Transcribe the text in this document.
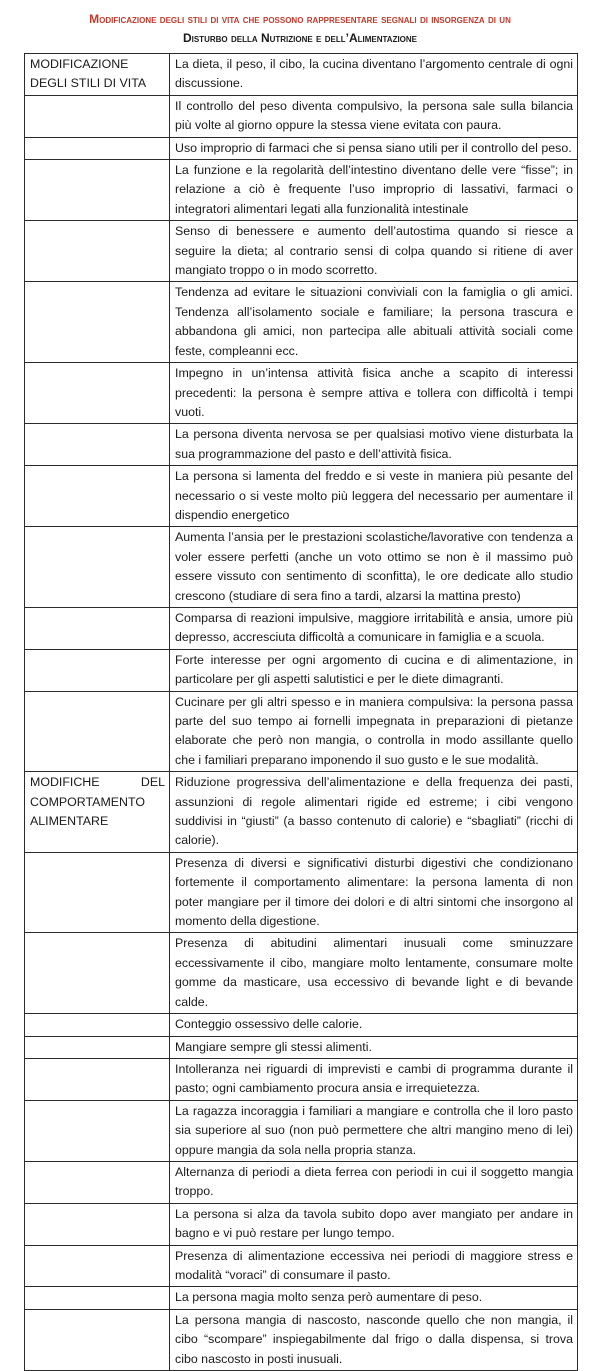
Modificazione degli stili di vita che possono rappresentare segnali di insorgenza di un
Disturbo della Nutrizione e dell’Alimentazione
MODIFICAZIONE DEGLI STILI DI VITA	La dieta, il peso, il cibo, la cucina diventano l’argomento centrale di ogni discussione.
	Il controllo del peso diventa compulsivo, la persona sale sulla bilancia più volte al giorno oppure la stessa viene evitata con paura.
	Uso improprio di farmaci che si pensa siano utili per il controllo del peso.
	La funzione e la regolarità dell’intestino diventano delle vere “fisse”; in relazione a ciò è frequente l’uso improprio di lassativi, farmaci o integratori alimentari legati alla funzionalità intestinale
	Senso di benessere e aumento dell’autostima quando si riesce a seguire la dieta; al contrario sensi di colpa quando si ritiene di aver mangiato troppo o in modo scorretto.
	Tendenza ad evitare le situazioni conviviali con la famiglia o gli amici. Tendenza all’isolamento sociale e familiare; la persona trascura e abbandona gli amici, non partecipa alle abituali attività sociali come feste, compleanni ecc.
	Impegno in un’intensa attività fisica anche a scapito di interessi precedenti: la persona è sempre attiva e tollera con difficoltà i tempi vuoti.
	La persona diventa nervosa se per qualsiasi motivo viene disturbata la sua programmazione del pasto e dell’attività fisica.
	La persona si lamenta del freddo e si veste in maniera più pesante del necessario o si veste molto più leggera del necessario per aumentare il dispendio energetico
	Aumenta l’ansia per le prestazioni scolastiche/lavorative con tendenza a voler essere perfetti (anche un voto ottimo se non è il massimo può essere vissuto con sentimento di sconfitta), le ore dedicate allo studio crescono (studiare di sera fino a tardi, alzarsi la mattina presto)
	Comparsa di reazioni impulsive, maggiore irritabilità e ansia, umore più depresso, accresciuta difficoltà a comunicare in famiglia e a scuola.
	Forte interesse per ogni argomento di cucina e di alimentazione, in particolare per gli aspetti salutistici e per le diete dimagranti.
	Cucinare per gli altri spesso e in maniera compulsiva: la persona passa parte del suo tempo ai fornelli impegnata in preparazioni di pietanze elaborate che però non mangia, o controlla in modo assillante quello che i familiari preparano imponendo il suo gusto e le sue modalità.
MODIFICHE DEL COMPORTAMENTO ALIMENTARE	Riduzione progressiva dell’alimentazione e della frequenza dei pasti, assunzioni di regole alimentari rigide ed estreme; i cibi vengono suddivisi in “giusti” (a basso contenuto di calorie) e “sbagliati” (ricchi di calorie).
	Presenza di diversi e significativi disturbi digestivi che condizionano fortemente il comportamento alimentare: la persona lamenta di non poter mangiare per il timore dei dolori e di altri sintomi che insorgono al momento della digestione.
	Presenza di abitudini alimentari inusuali come sminuzzare eccessivamente il cibo, mangiare molto lentamente, consumare molte gomme da masticare, usa eccessivo di bevande light e di bevande calde.
	Conteggio ossessivo delle calorie.
	Mangiare sempre gli stessi alimenti.
	Intolleranza nei riguardi di imprevisti e cambi di programma durante il pasto; ogni cambiamento procura ansia e irrequietezza.
	La ragazza incoraggia i familiari a mangiare e controlla che il loro pasto sia superiore al suo (non può permettere che altri mangino meno di lei) oppure mangia da sola nella propria stanza.
	Alternanza di periodi a dieta ferrea con periodi in cui il soggetto mangia troppo.
	La persona si alza da tavola subito dopo aver mangiato per andare in bagno e vi può restare per lungo tempo.
	Presenza di alimentazione eccessiva nei periodi di maggiore stress e modalità “voraci” di consumare il pasto.
	La persona magia molto senza però aumentare di peso.
	La persona mangia di nascosto, nasconde quello che non mangia, il cibo “scompare” inspiegabilmente dal frigo o dalla dispensa, si trova cibo nascosto in posti inusuali.
